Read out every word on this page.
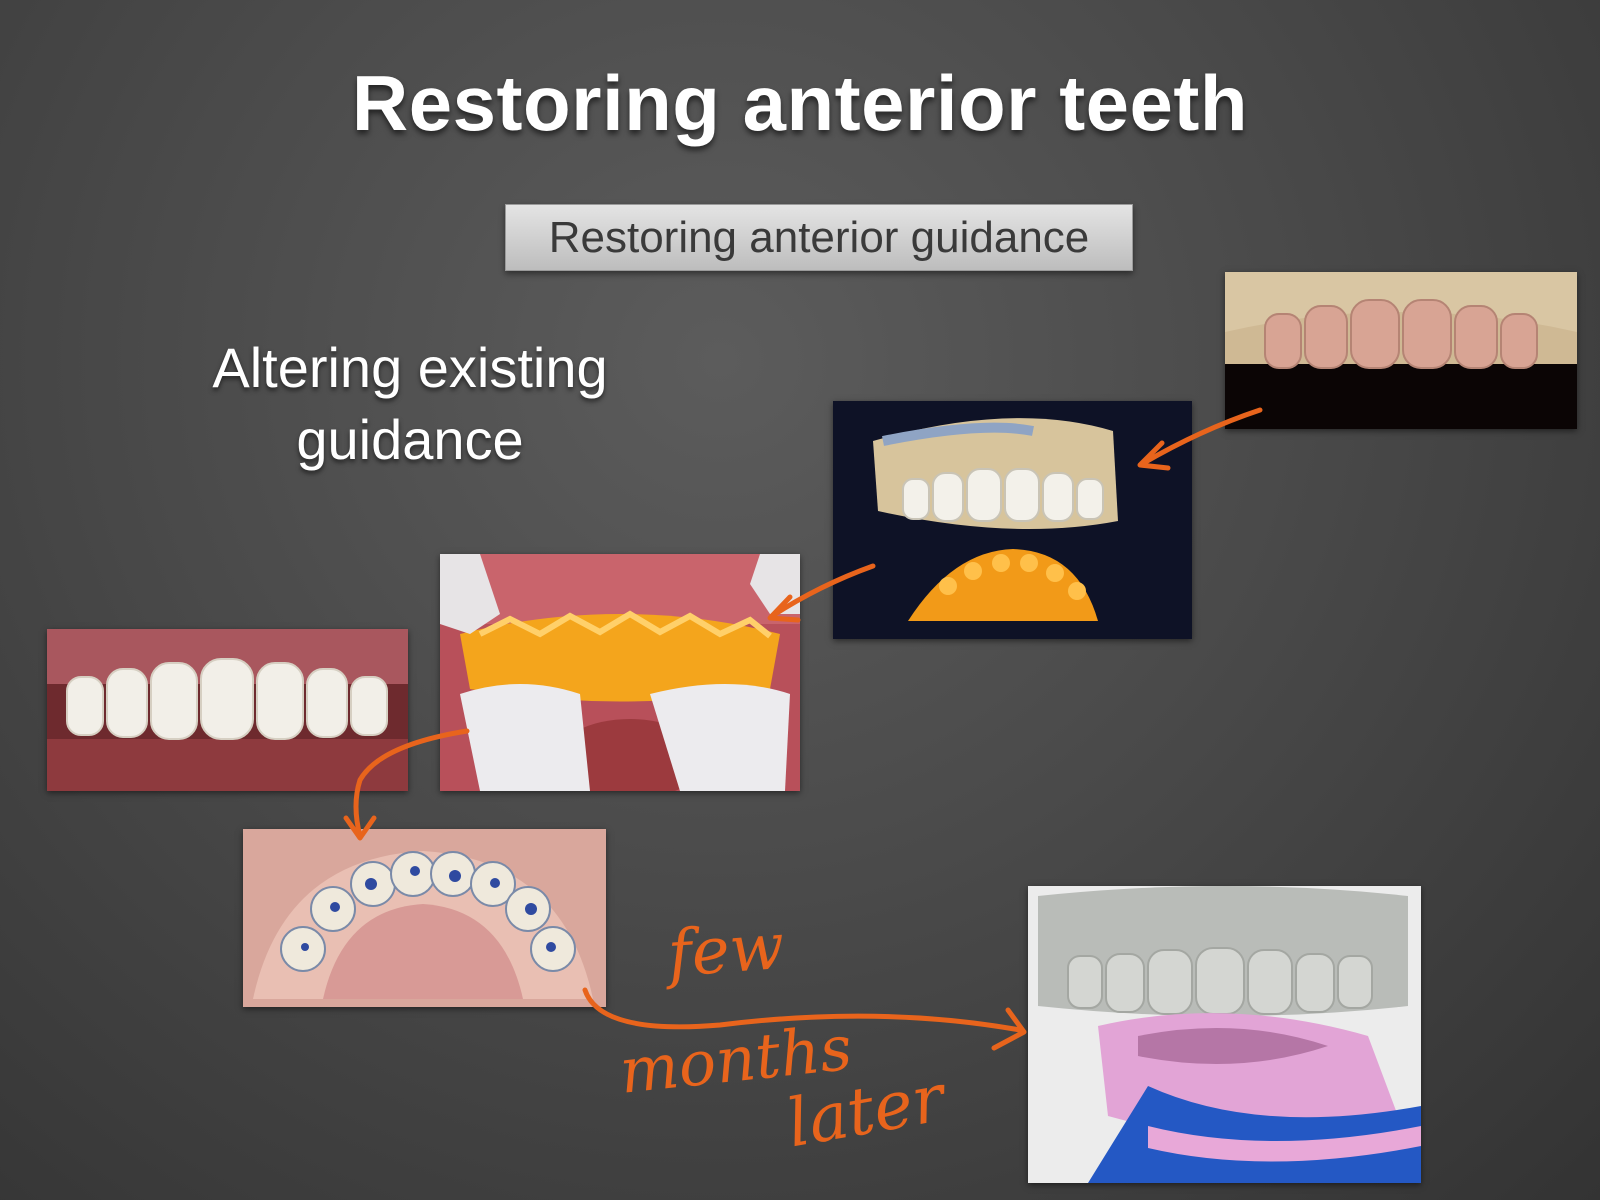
Restoring anterior teeth
Restoring anterior guidance
Altering existing
guidance
few
months
later
